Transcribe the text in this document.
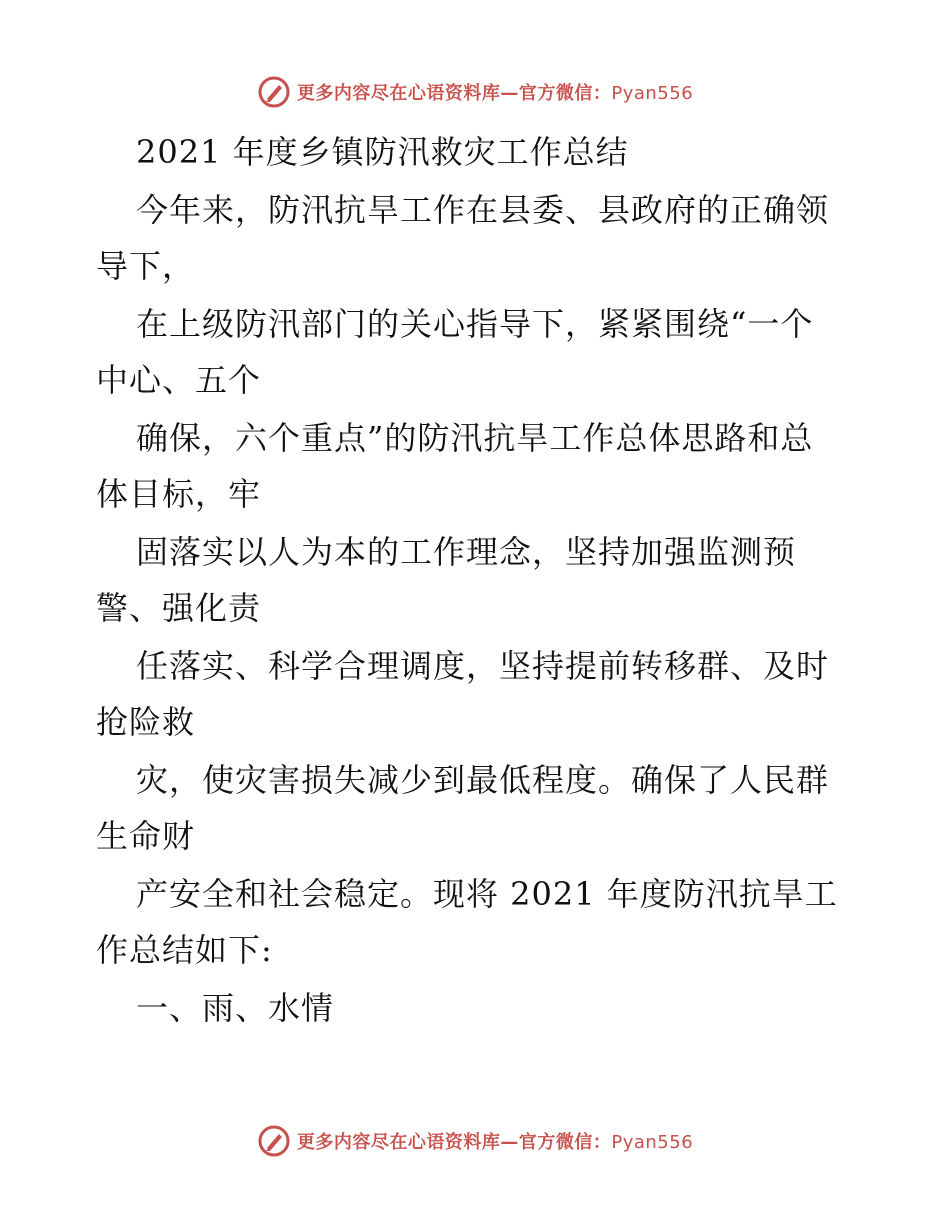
更多内容尽在心语资料库—官方微信：Pyan556
2021 年度乡镇防汛救灾工作总结
今年来，防汛抗旱工作在县委、县政府的正确领
导下，
在上级防汛部门的关心指导下，紧紧围绕“一个
中心、五个
确保，六个重点”的防汛抗旱工作总体思路和总
体目标，牢
固落实以人为本的工作理念，坚持加强监测预
警、强化责
任落实、科学合理调度，坚持提前转移群、及时
抢险救
灾，使灾害损失减少到最低程度。确保了人民群
生命财
产安全和社会稳定。现将 2021 年度防汛抗旱工
作总结如下:
一、雨、水情
更多内容尽在心语资料库—官方微信：Pyan556
